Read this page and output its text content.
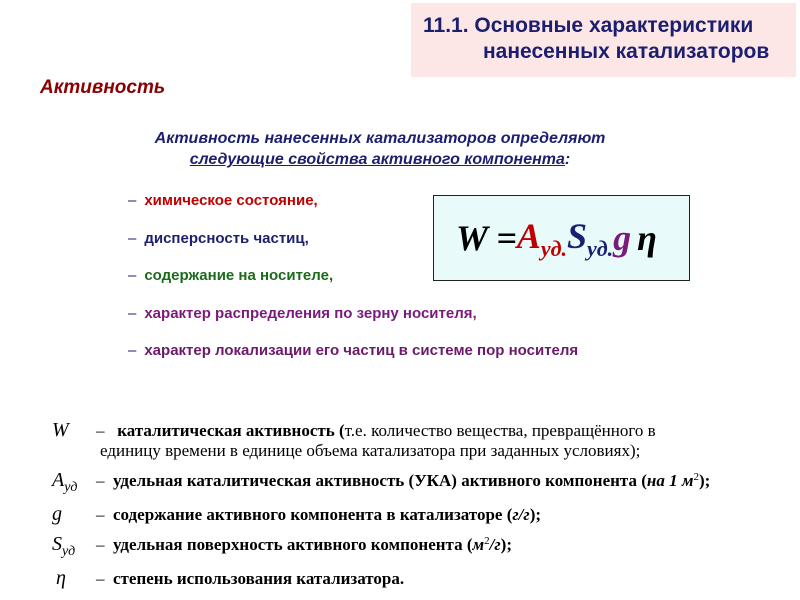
11.1. Основные характеристики
нанесенных катализаторов
Активность
Активность нанесенных катализаторов определяют
следующие свойства активного компонента:
– химическое состояние,
– дисперсность частиц,
– содержание на носителе,
– характер распределения по зерну носителя,
– характер локализации его частиц в системе пор носителя
$W = A_{уд.}$ $S_{уд.}$ g η
W – каталитическая активность (т.е. количество вещества, превращённого в
единицу времени в единице объема катализатора при заданных условиях);
$A_{уд}$ – удельная каталитическая активность (УКА) активного компонента (на 1 $м^2$);
g – содержание активного компонента в катализаторе (г/г);
$S_{уд}$ – удельная поверхность активного компонента $(м^2/г)$;
η – степень использования катализатора.
